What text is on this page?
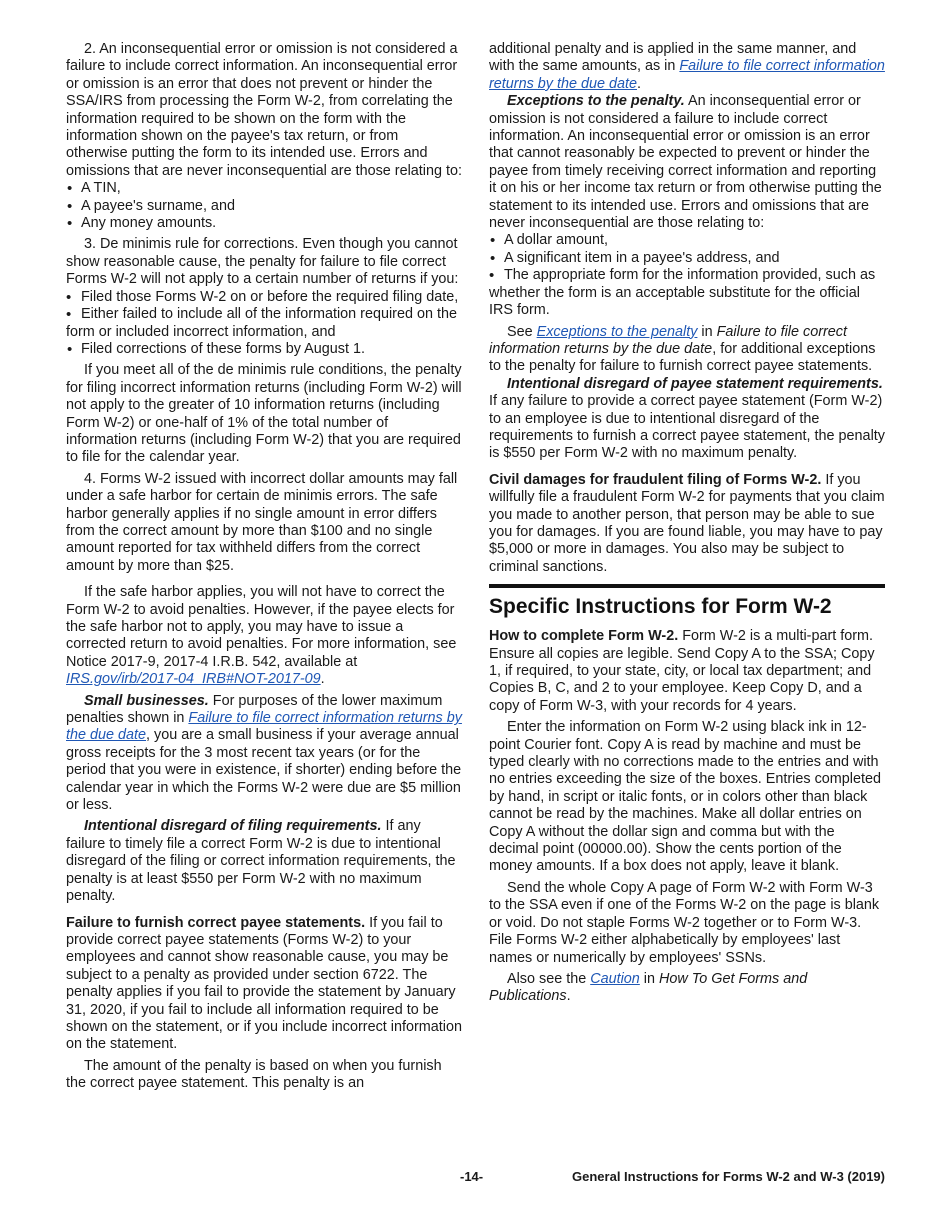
2. An inconsequential error or omission is not considered a failure to include correct information. An inconsequential error or omission is an error that does not prevent or hinder the SSA/IRS from processing the Form W-2, from correlating the information required to be shown on the form with the information shown on the payee's tax return, or from otherwise putting the form to its intended use. Errors and omissions that are never inconsequential are those relating to:

• A TIN,

• A payee's surname, and

• Any money amounts.

3. De minimis rule for corrections. Even though you cannot show reasonable cause, the penalty for failure to file correct Forms W-2 will not apply to a certain number of returns if you:

• Filed those Forms W-2 on or before the required filing date,

• Either failed to include all of the information required on the form or included incorrect information, and

• Filed corrections of these forms by August 1.

If you meet all of the de minimis rule conditions, the penalty for filing incorrect information returns (including Form W-2) will not apply to the greater of 10 information returns (including Form W-2) or one-half of 1% of the total number of information returns (including Form W-2) that you are required to file for the calendar year.

4. Forms W-2 issued with incorrect dollar amounts may fall under a safe harbor for certain de minimis errors. The safe harbor generally applies if no single amount in error differs from the correct amount by more than $100 and no single amount reported for tax withheld differs from the correct amount by more than $25.

If the safe harbor applies, you will not have to correct the Form W-2 to avoid penalties. However, if the payee elects for the safe harbor not to apply, you may have to issue a corrected return to avoid penalties. For more information, see Notice 2017-9, 2017-4 I.R.B. 542, available at IRS.gov/irb/2017-04_IRB#NOT-2017-09.

Small businesses. For purposes of the lower maximum penalties shown in Failure to file correct information returns by the due date, you are a small business if your average annual gross receipts for the 3 most recent tax years (or for the period that you were in existence, if shorter) ending before the calendar year in which the Forms W-2 were due are $5 million or less.

Intentional disregard of filing requirements. If any failure to timely file a correct Form W-2 is due to intentional disregard of the filing or correct information requirements, the penalty is at least $550 per Form W-2 with no maximum penalty.

Failure to furnish correct payee statements. If you fail to provide correct payee statements (Forms W-2) to your employees and cannot show reasonable cause, you may be subject to a penalty as provided under section 6722. The penalty applies if you fail to provide the statement by January 31, 2020, if you fail to include all information required to be shown on the statement, or if you include incorrect information on the statement.

The amount of the penalty is based on when you furnish the correct payee statement. This penalty is an

additional penalty and is applied in the same manner, and with the same amounts, as in Failure to file correct information returns by the due date.

Exceptions to the penalty. An inconsequential error or omission is not considered a failure to include correct information. An inconsequential error or omission is an error that cannot reasonably be expected to prevent or hinder the payee from timely receiving correct information and reporting it on his or her income tax return or from otherwise putting the statement to its intended use. Errors and omissions that are never inconsequential are those relating to:

• A dollar amount,

• A significant item in a payee's address, and

• The appropriate form for the information provided, such as whether the form is an acceptable substitute for the official IRS form.

See Exceptions to the penalty in Failure to file correct information returns by the due date, for additional exceptions to the penalty for failure to furnish correct payee statements.

Intentional disregard of payee statement requirements. If any failure to provide a correct payee statement (Form W-2) to an employee is due to intentional disregard of the requirements to furnish a correct payee statement, the penalty is $550 per Form W-2 with no maximum penalty.

Civil damages for fraudulent filing of Forms W-2. If you willfully file a fraudulent Form W-2 for payments that you claim you made to another person, that person may be able to sue you for damages. If you are found liable, you may have to pay $5,000 or more in damages. You also may be subject to criminal sanctions.

Specific Instructions for Form W-2

How to complete Form W-2. Form W-2 is a multi-part form. Ensure all copies are legible. Send Copy A to the SSA; Copy 1, if required, to your state, city, or local tax department; and Copies B, C, and 2 to your employee. Keep Copy D, and a copy of Form W-3, with your records for 4 years.

Enter the information on Form W-2 using black ink in 12-point Courier font. Copy A is read by machine and must be typed clearly with no corrections made to the entries and with no entries exceeding the size of the boxes. Entries completed by hand, in script or italic fonts, or in colors other than black cannot be read by the machines. Make all dollar entries on Copy A without the dollar sign and comma but with the decimal point (00000.00). Show the cents portion of the money amounts. If a box does not apply, leave it blank.

Send the whole Copy A page of Form W-2 with Form W-3 to the SSA even if one of the Forms W-2 on the page is blank or void. Do not staple Forms W-2 together or to Form W-3. File Forms W-2 either alphabetically by employees' last names or numerically by employees' SSNs.

Also see the Caution in How To Get Forms and Publications.

-14-	General Instructions for Forms W-2 and W-3 (2019)
